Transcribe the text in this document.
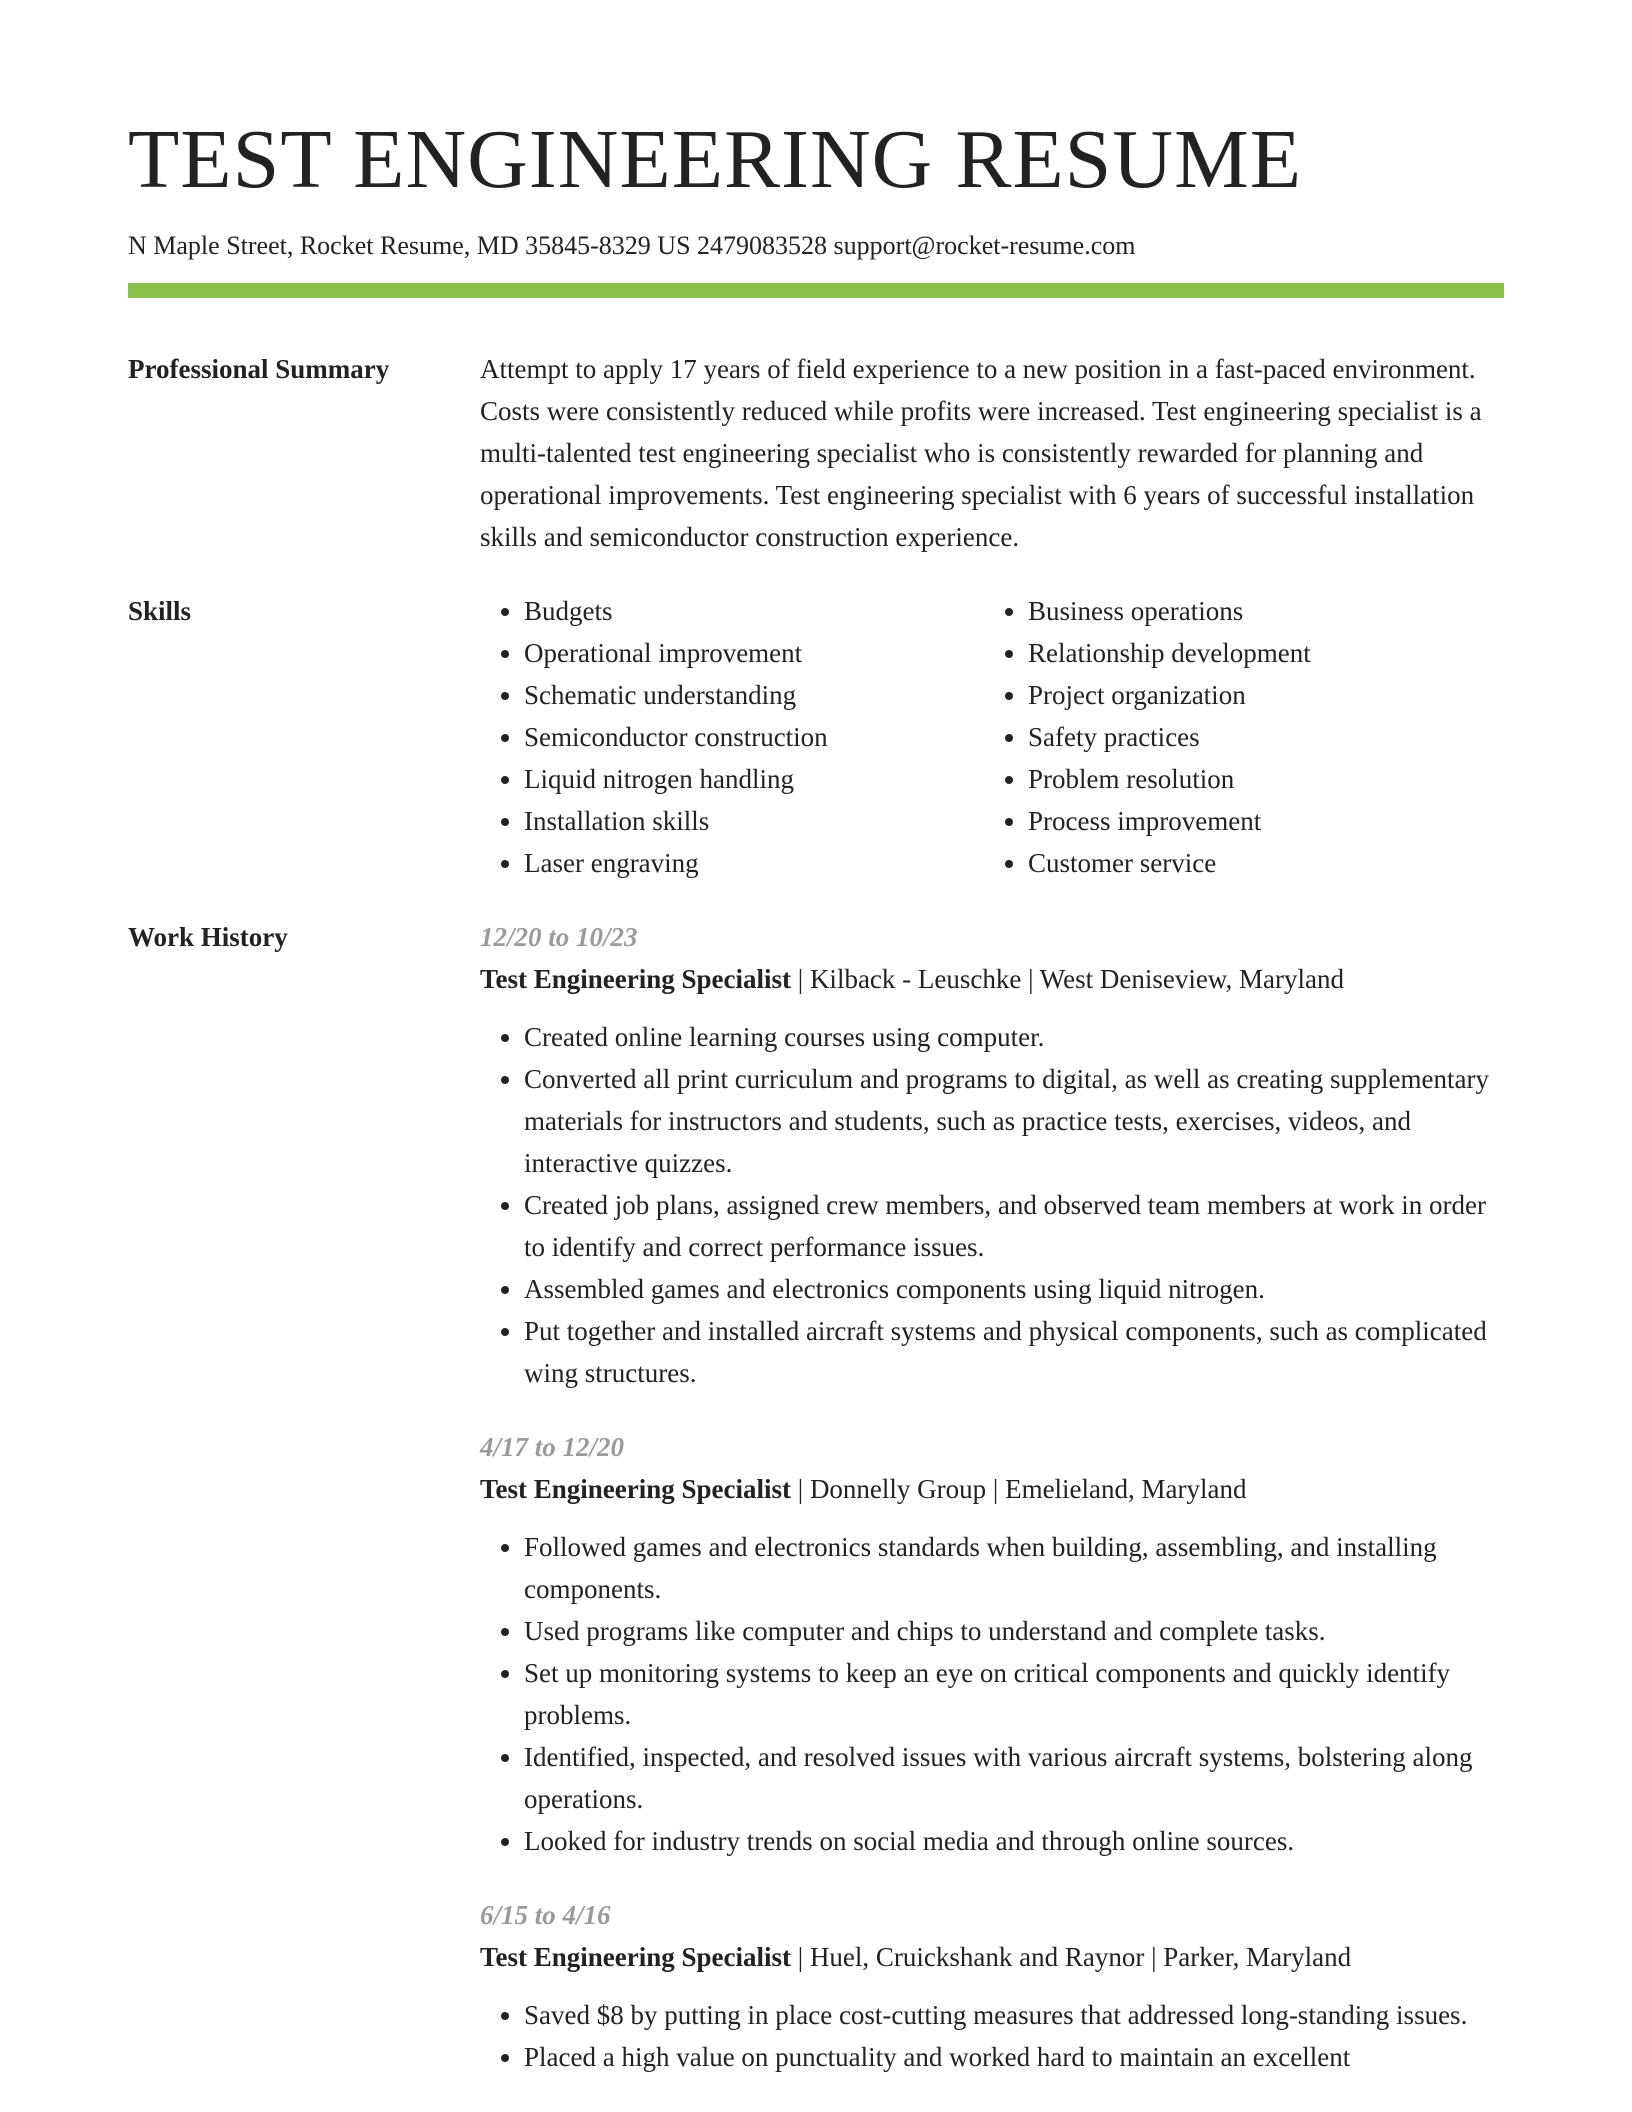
TEST ENGINEERING RESUME
N Maple Street, Rocket Resume, MD 35845-8329 US 2479083528 support@rocket-resume.com
Professional Summary	Attempt to apply 17 years of field experience to a new position in a fast-paced environment. Costs were consistently reduced while profits were increased. Test engineering specialist is a multi-talented test engineering specialist who is consistently rewarded for planning and operational improvements. Test engineering specialist with 6 years of successful installation skills and semiconductor construction experience.

Skills
•	Budgets
• Operational improvement
• Schematic understanding
• Semiconductor construction
• Liquid nitrogen handling
• Installation skills
• Laser engraving
• Business operations
• Relationship development
• Project organization
• Safety practices
• Problem resolution
• Process improvement
• Customer service
Work History	12/20 to 10/23
Test Engineering Specialist | Kilback - Leuschke | West Deniseview, Maryland
• Created online learning courses using computer.
• Converted all print curriculum and programs to digital, as well as creating supplementary materials for instructors and students, such as practice tests, exercises, videos, and interactive quizzes.
• Created job plans, assigned crew members, and observed team members at work in order to identify and correct performance issues.
• Assembled games and electronics components using liquid nitrogen.
• Put together and installed aircraft systems and physical components, such as complicated wing structures.
4/17 to 12/20
Test Engineering Specialist | Donnelly Group | Emelieland, Maryland
• Followed games and electronics standards when building, assembling, and installing components.
• Used programs like computer and chips to understand and complete tasks.
• Set up monitoring systems to keep an eye on critical components and quickly identify problems.
• Identified, inspected, and resolved issues with various aircraft systems, bolstering along operations.
• Looked for industry trends on social media and through online sources.
6/15 to 4/16
Test Engineering Specialist | Huel, Cruickshank and Raynor | Parker, Maryland
• Saved $8 by putting in place cost-cutting measures that addressed long-standing issues.
• Placed a high value on punctuality and worked hard to maintain an excellent
